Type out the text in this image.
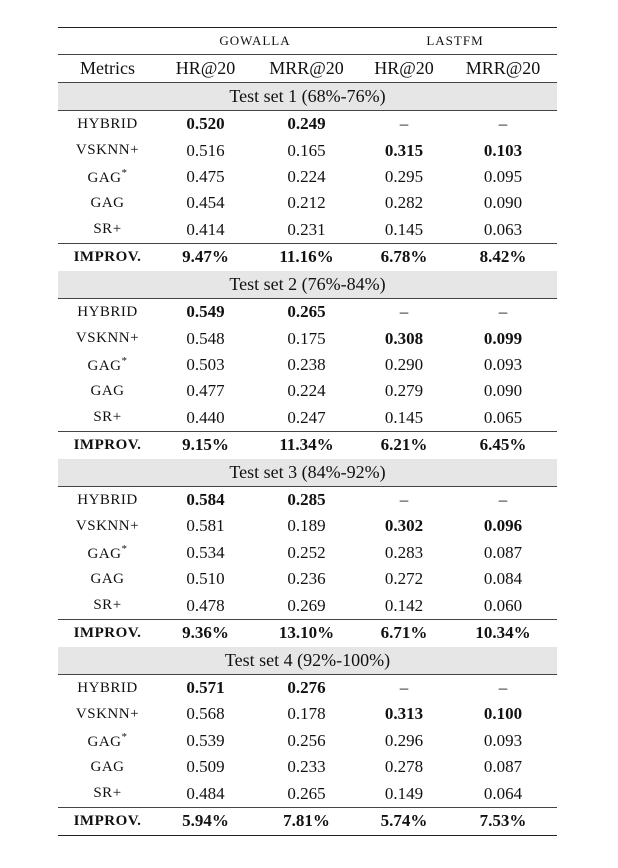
GOWALLA	LASTFM
Metrics	HR@20	MRR@20	HR@20	MRR@20
Test set 1 (68%-76%)
HYBRID	0.520	0.249	–	–
VSKNN+	0.516	0.165	0.315	0.103
GAG*	0.475	0.224	0.295	0.095
GAG	0.454	0.212	0.282	0.090
SR+	0.414	0.231	0.145	0.063
IMPROV.	9.47%	11.16%	6.78%	8.42%
Test set 2 (76%-84%)
HYBRID	0.549	0.265	–	–
VSKNN+	0.548	0.175	0.308	0.099
GAG*	0.503	0.238	0.290	0.093
GAG	0.477	0.224	0.279	0.090
SR+	0.440	0.247	0.145	0.065
IMPROV.	9.15%	11.34%	6.21%	6.45%
Test set 3 (84%-92%)
HYBRID	0.584	0.285	–	–
VSKNN+	0.581	0.189	0.302	0.096
GAG*	0.534	0.252	0.283	0.087
GAG	0.510	0.236	0.272	0.084
SR+	0.478	0.269	0.142	0.060
IMPROV.	9.36%	13.10%	6.71%	10.34%
Test set 4 (92%-100%)
HYBRID	0.571	0.276	–	–
VSKNN+	0.568	0.178	0.313	0.100
GAG*	0.539	0.256	0.296	0.093
GAG	0.509	0.233	0.278	0.087
SR+	0.484	0.265	0.149	0.064
IMPROV.	5.94%	7.81%	5.74%	7.53%
